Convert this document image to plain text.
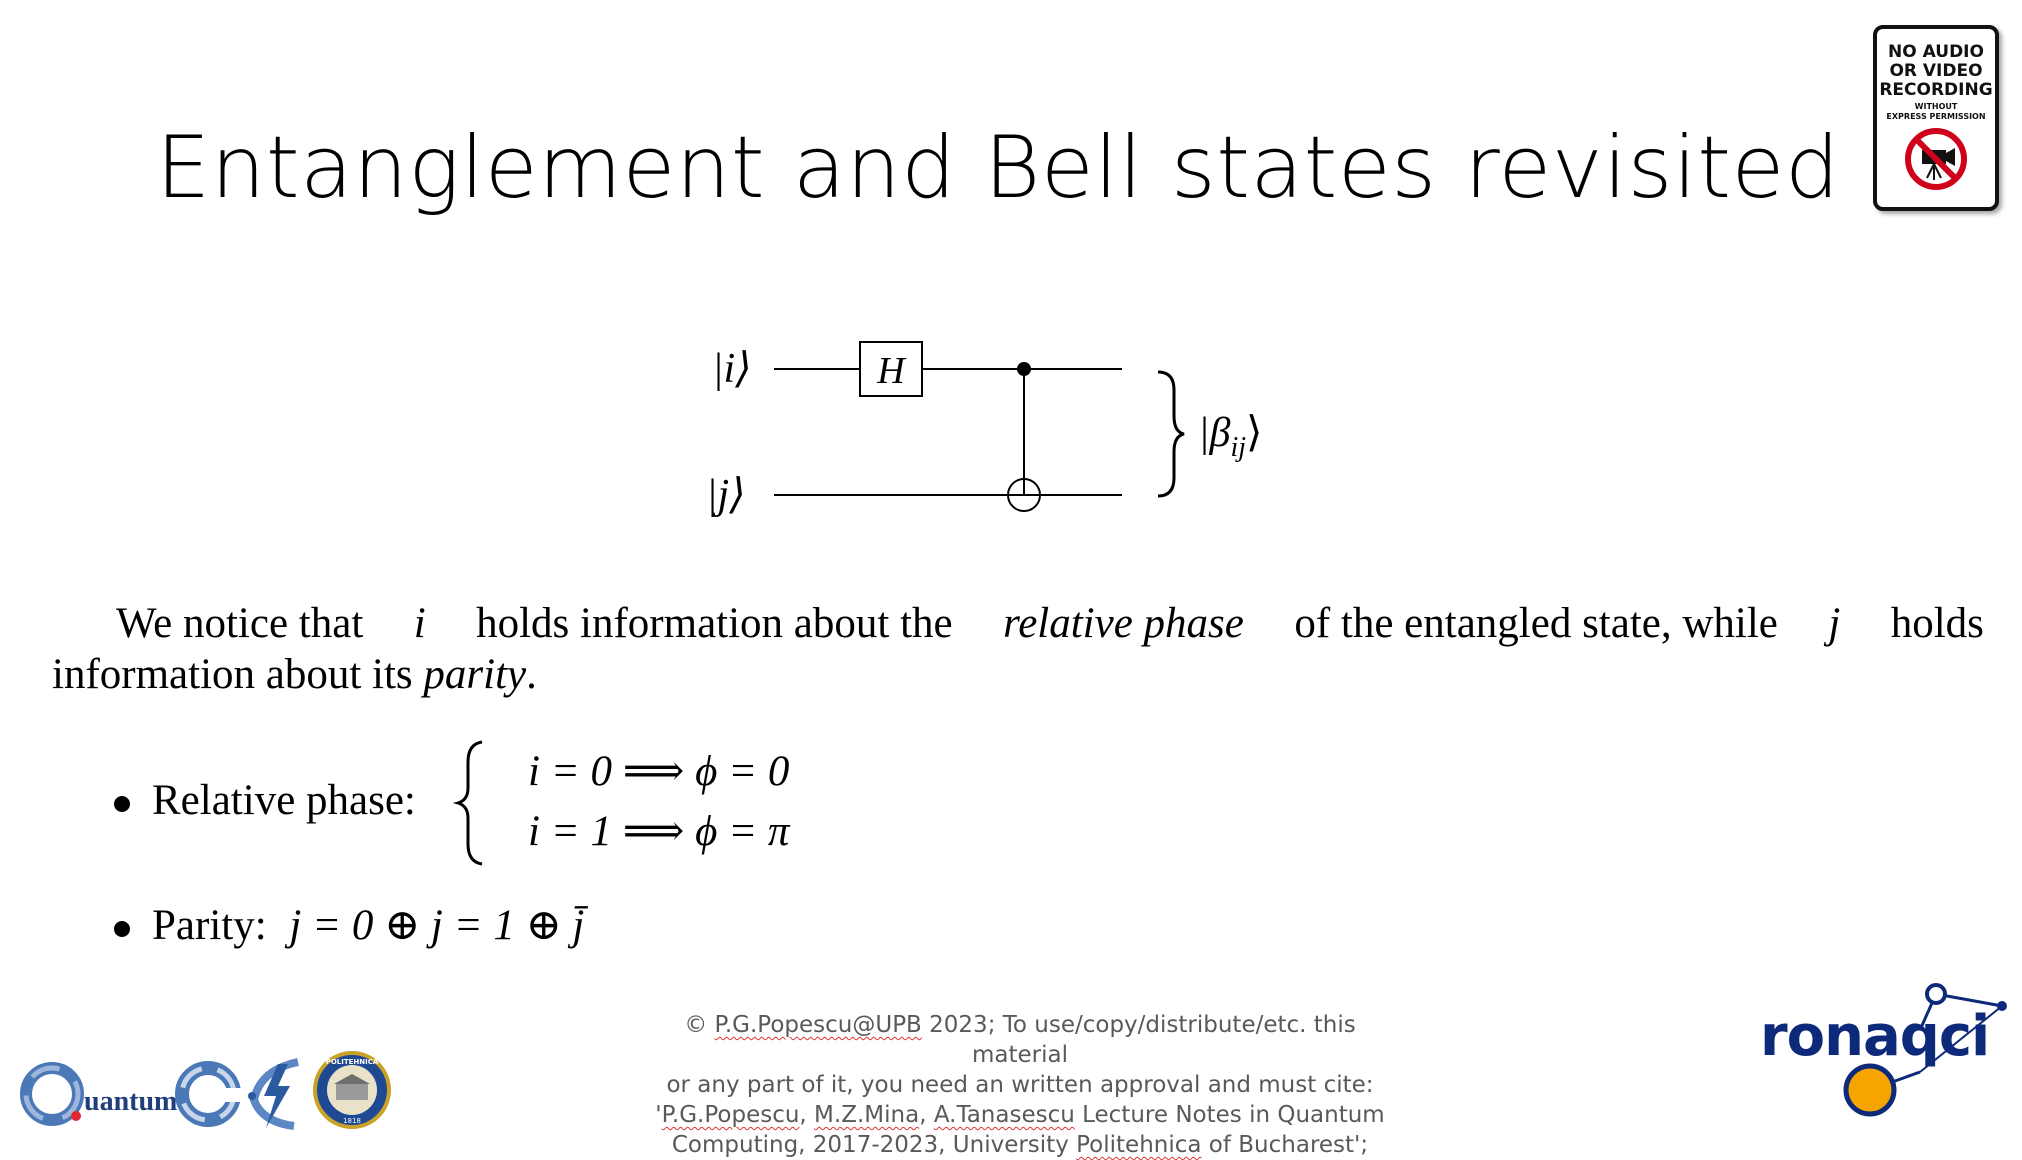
Entanglement and Bell states revisited
NO AUDIO
OR VIDEO
RECORDING
WITHOUT
EXPRESS PERMISSION
|i⟩
|j⟩
H
$|\beta_{ij}⟩$
We notice that i holds information about the relative phase of the entangled state, while j holds
information about its parity.
Relative phase:
i = 0 ⟹ ϕ = 0
i = 1 ⟹ ϕ = π
Parity: j = 0 ⊕ j = 1 ⊕ j̄
© P.G.Popescu@UPB 2023; To use/copy/distribute/etc. this material
or any part of it, you need an written approval and must cite:
'P.G.Popescu, M.Z.Mina, A.Tanasescu Lecture Notes in Quantum
Computing, 2017-2023, University Politehnica of Bucharest';
uantum
POLITEHNICA
1818
ronaqci
